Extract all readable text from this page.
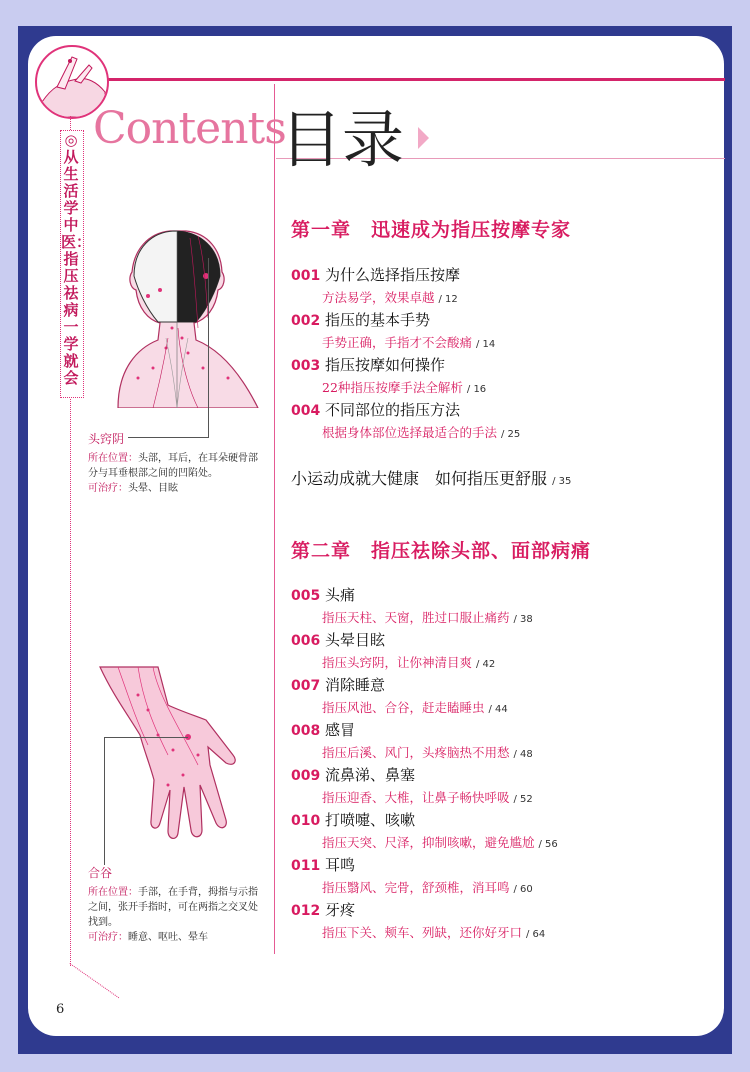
Contents
目录
◎从生活学中医：指压祛病一学就会
头窍阴
所在位置：头部，耳后，在耳朵硬骨部分与耳垂根部之间的凹陷处。
可治疗：头晕、目眩
合谷
所在位置：手部，在手背，拇指与示指之间，张开手指时，可在两指之交叉处找到。
可治疗：睡意、呕吐、晕车
第一章　迅速成为指压按摩专家
001 为什么选择指压按摩
方法易学，效果卓越 / 12
002 指压的基本手势
手势正确，手指才不会酸痛 / 14
003 指压按摩如何操作
22种指压按摩手法全解析 / 16
004 不同部位的指压方法
根据身体部位选择最适合的手法 / 25
小运动成就大健康　如何指压更舒服 / 35
第二章　指压祛除头部、面部病痛
005 头痛
指压天柱、天窗，胜过口服止痛药 / 38
006 头晕目眩
指压头窍阴，让你神清目爽 / 42
007 消除睡意
指压风池、合谷，赶走瞌睡虫 / 44
008 感冒
指压后溪、风门，头疼脑热不用愁 / 48
009 流鼻涕、鼻塞
指压迎香、大椎，让鼻子畅快呼吸 / 52
010 打喷嚏、咳嗽
指压天突、尺泽，抑制咳嗽，避免尴尬 / 56
011 耳鸣
指压翳风、完骨，舒颈椎，消耳鸣 / 60
012 牙疼
指压下关、颊车、列缺，还你好牙口 / 64
6
